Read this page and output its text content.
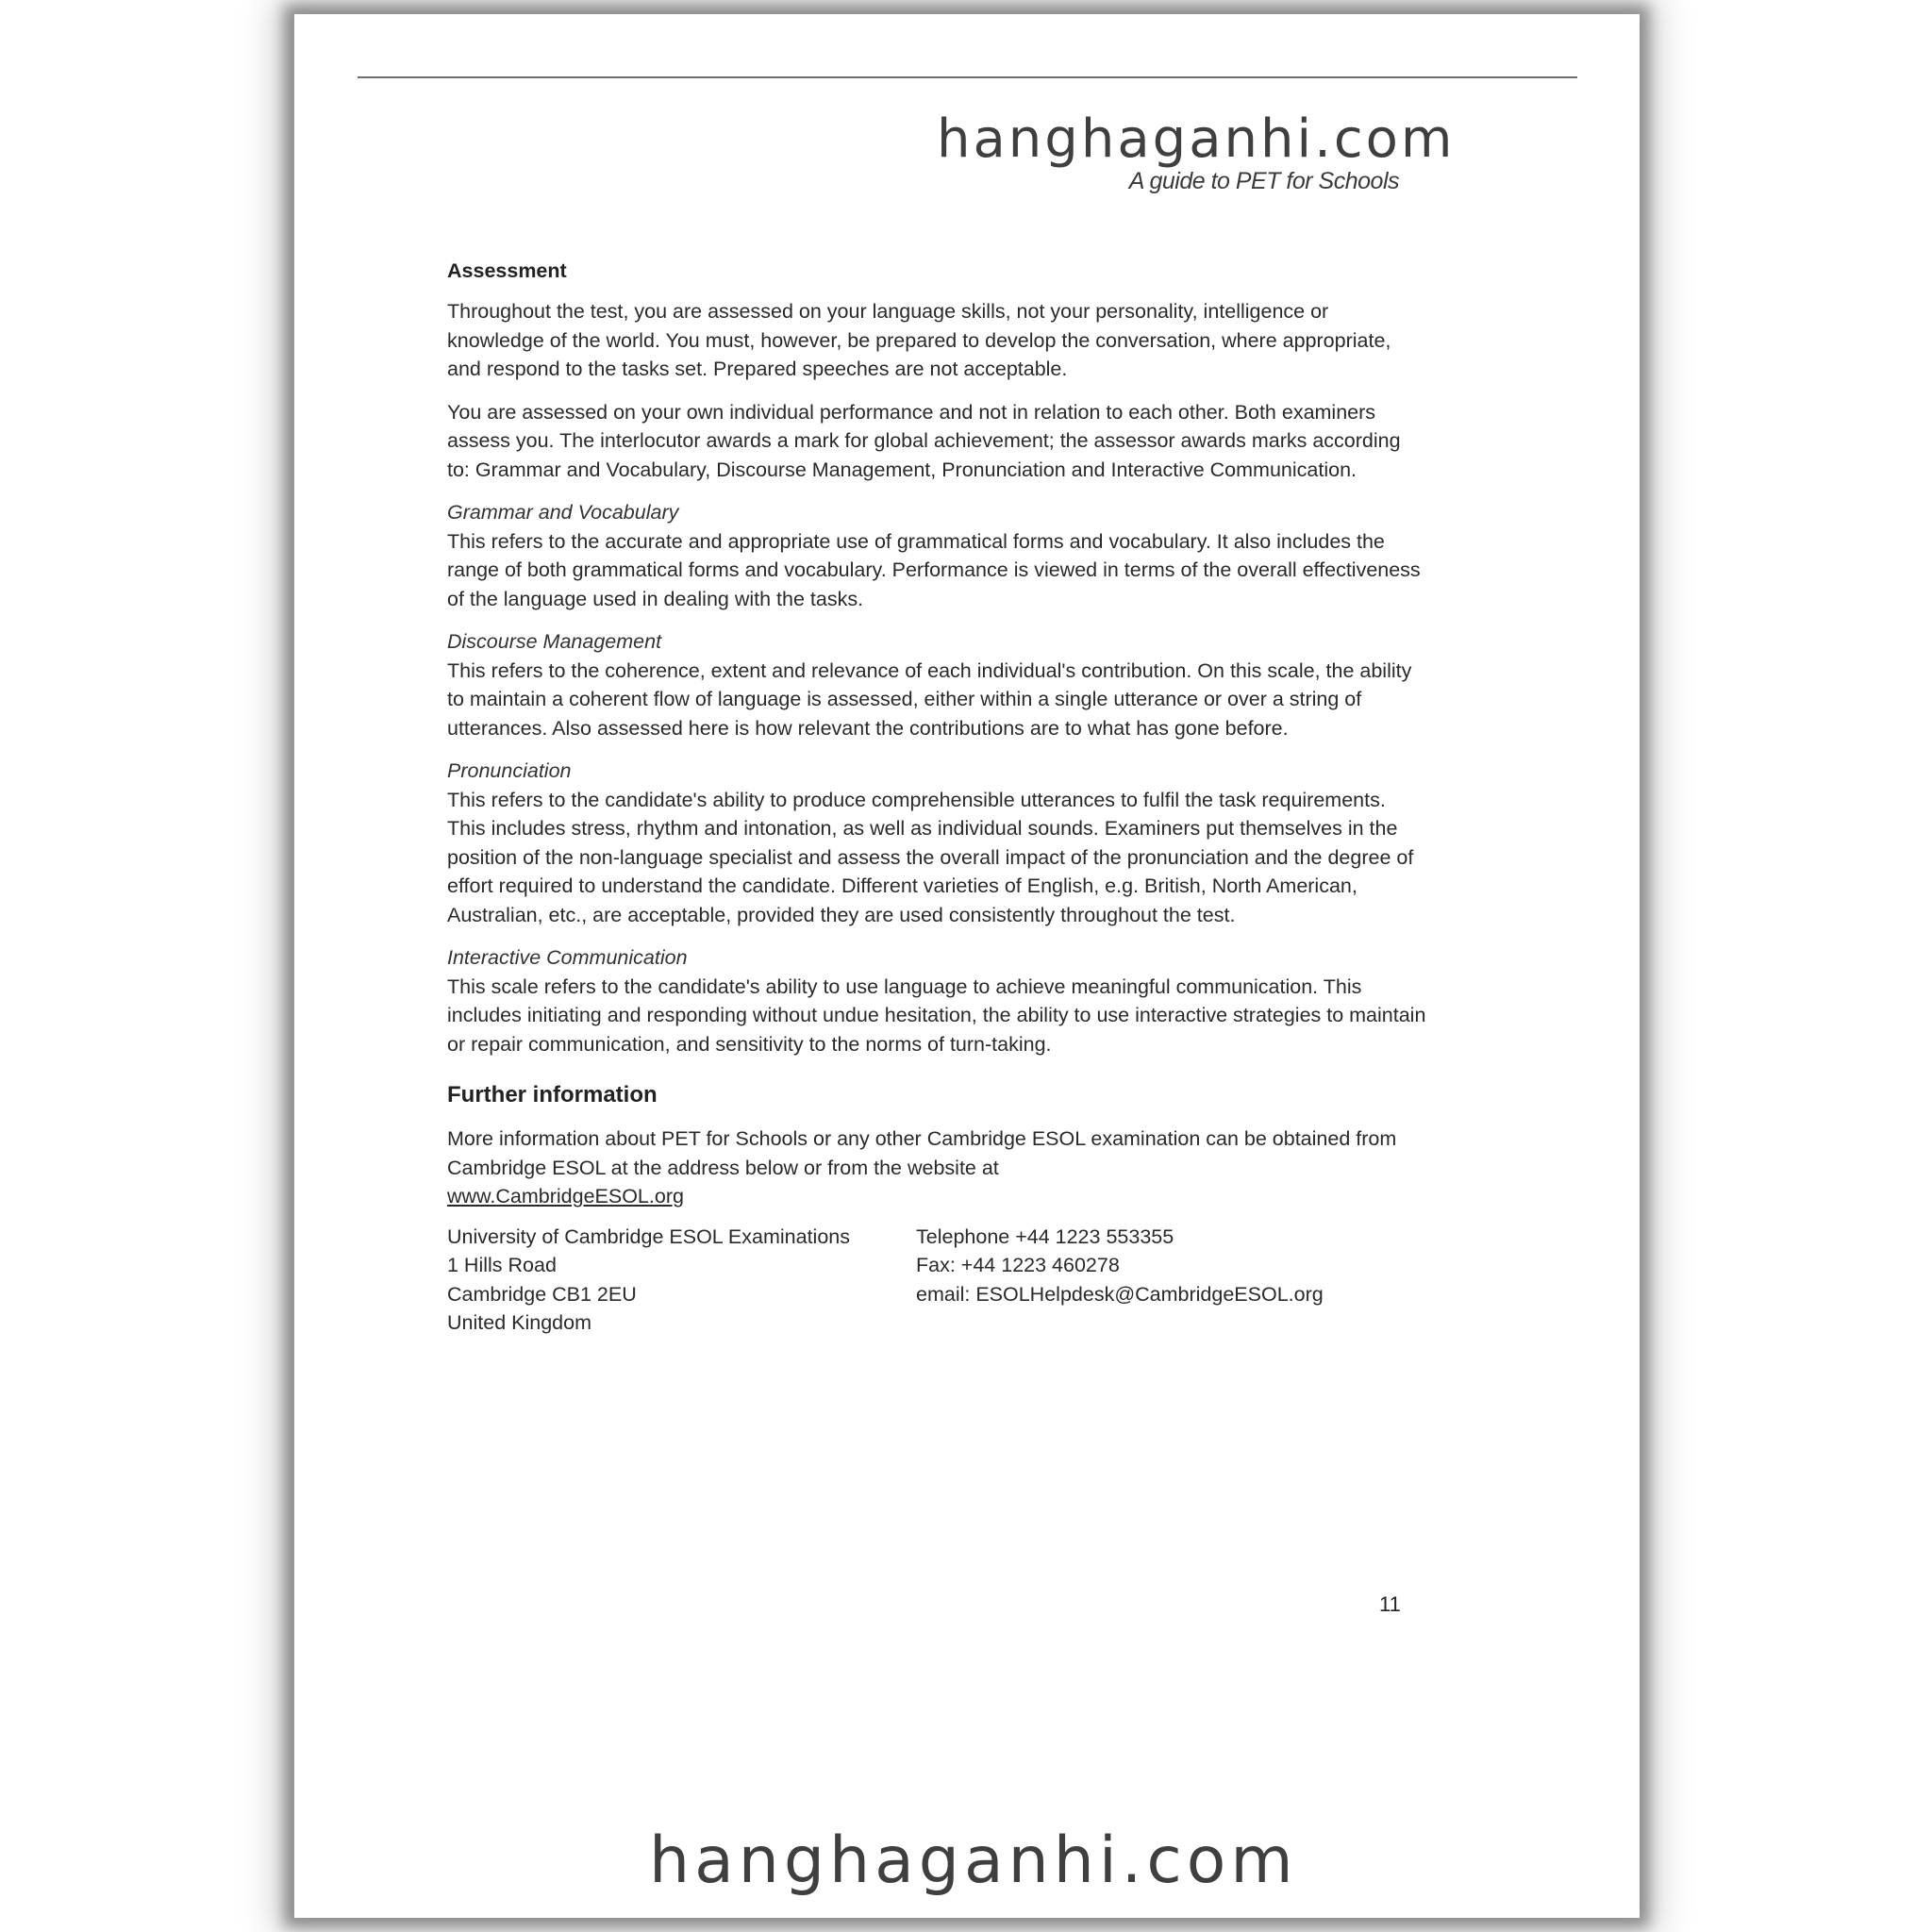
hanghaganhi.com
A guide to PET for Schools
Assessment

Throughout the test, you are assessed on your language skills, not your personality, intelligence or knowledge of the world. You must, however, be prepared to develop the conversation, where appropriate, and respond to the tasks set. Prepared speeches are not acceptable.

You are assessed on your own individual performance and not in relation to each other. Both examiners assess you. The interlocutor awards a mark for global achievement; the assessor awards marks according to: Grammar and Vocabulary, Discourse Management, Pronunciation and Interactive Communication.

Grammar and Vocabulary

This refers to the accurate and appropriate use of grammatical forms and vocabulary. It also includes the range of both grammatical forms and vocabulary. Performance is viewed in terms of the overall effectiveness of the language used in dealing with the tasks.

Discourse Management

This refers to the coherence, extent and relevance of each individual's contribution. On this scale, the ability to maintain a coherent flow of language is assessed, either within a single utterance or over a string of utterances. Also assessed here is how relevant the contributions are to what has gone before.

Pronunciation

This refers to the candidate's ability to produce comprehensible utterances to fulfil the task requirements. This includes stress, rhythm and intonation, as well as individual sounds. Examiners put themselves in the position of the non-language specialist and assess the overall impact of the pronunciation and the degree of effort required to understand the candidate. Different varieties of English, e.g. British, North American, Australian, etc., are acceptable, provided they are used consistently throughout the test.

Interactive Communication

This scale refers to the candidate's ability to use language to achieve meaningful communication. This includes initiating and responding without undue hesitation, the ability to use interactive strategies to maintain or repair communication, and sensitivity to the norms of turn-taking.

Further information

More information about PET for Schools or any other Cambridge ESOL examination can be obtained from Cambridge ESOL at the address below or from the website at
www.CambridgeESOL.org

University of Cambridge ESOL Examinations
1 Hills Road
Cambridge CB1 2EU
United Kingdom
Telephone +44 1223 553355
Fax: +44 1223 460278
email: ESOLHelpdesk@CambridgeESOL.org
11
hanghaganhi.com
